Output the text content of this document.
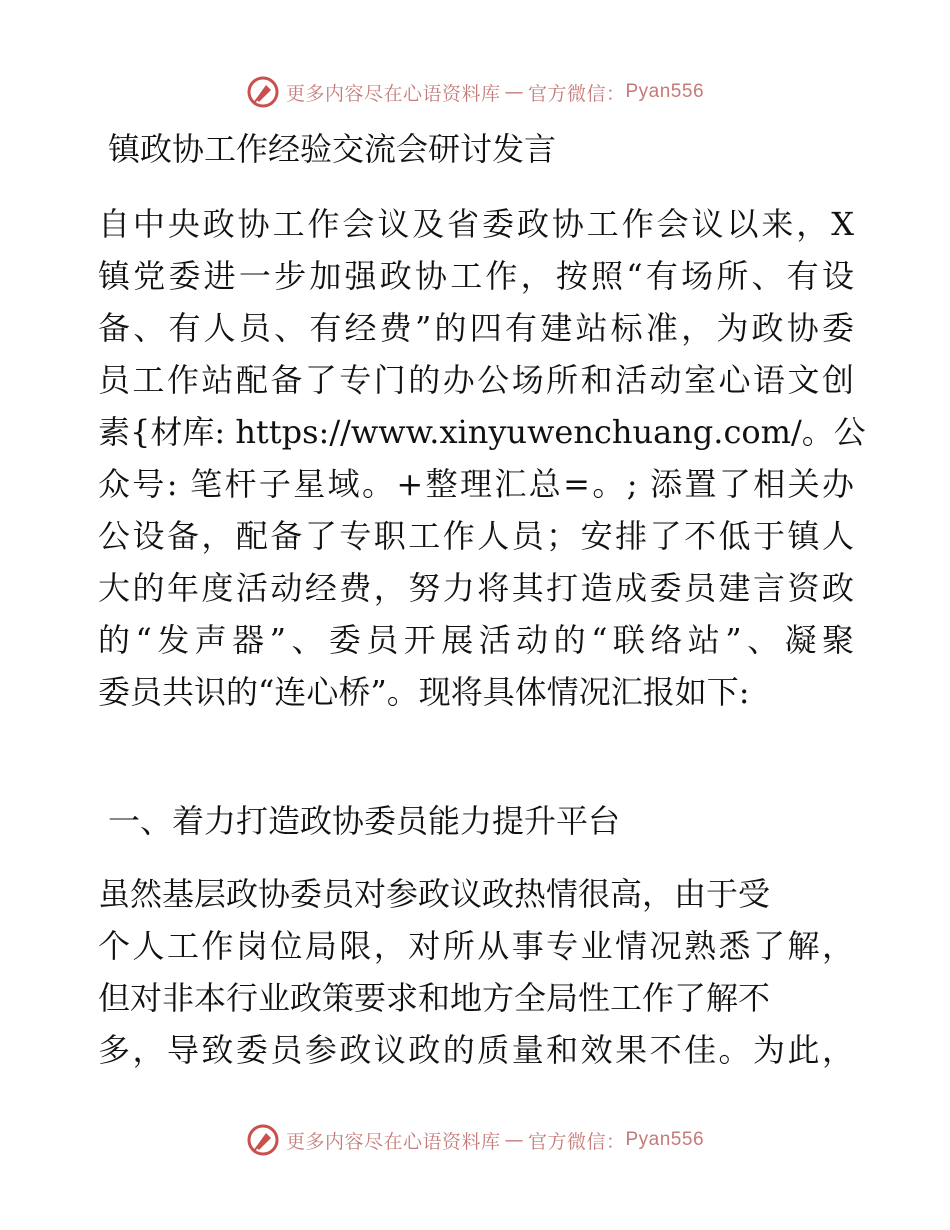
更多内容尽在心语资料库 — 官方微信： Pyan556
镇政协工作经验交流会研讨发言
自中央政协工作会议及省委政协工作会议以来，X
镇党委进一步加强政协工作，按照“有场所、有设
备、有人员、有经费”的四有建站标准，为政协委
员工作站配备了专门的办公场所和活动室心语文创
素{材库: https://www.xinyuwenchuang.com/。公
众号: 笔杆子星域。+整理汇总=。; 添置了相关办
公设备，配备了专职工作人员；安排了不低于镇人
大的年度活动经费，努力将其打造成委员建言资政
的“发声器”、委员开展活动的“联络站”、凝聚
委员共识的“连心桥”。现将具体情况汇报如下:
一、着力打造政协委员能力提升平台
虽然基层政协委员对参政议政热情很高，由于受
个人工作岗位局限，对所从事专业情况熟悉了解，
但对非本行业政策要求和地方全局性工作了解不
多，导致委员参政议政的质量和效果不佳。为此，
更多内容尽在心语资料库 — 官方微信： Pyan556
